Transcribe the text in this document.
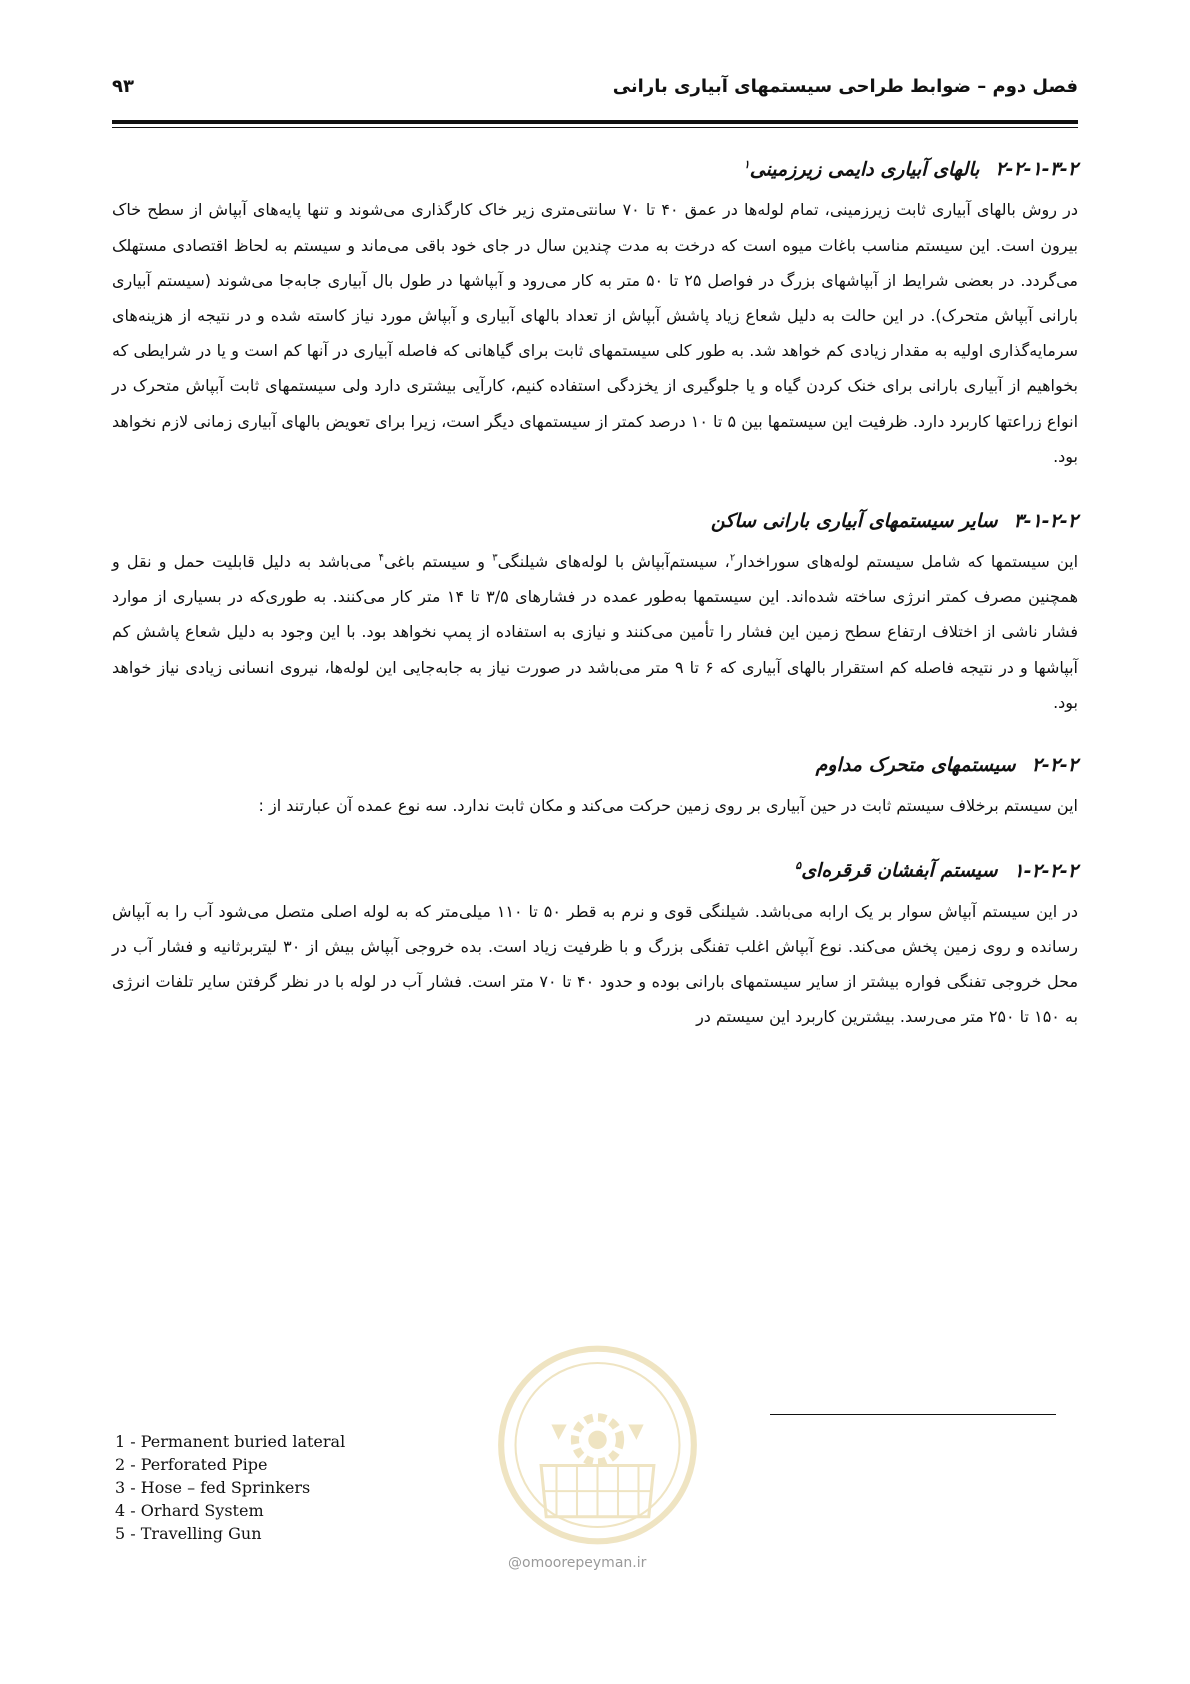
فصل دوم – ضوابط طراحی سیستمهای آبیاری بارانی
۹۳
۲-۲-۱-۳-۲بالهای آبیاری دایمی زیرزمینی$^۱$

در روش بالهای آبیاری ثابت زیرزمینی، تمام لوله‌ها در عمق ۴۰ تا ۷۰ سانتی‌متری زیر خاک کارگذاری می‌شوند و تنها پایه‌های آبپاش از سطح خاک بیرون است. این سیستم مناسب باغات میوه است که درخت به مدت چندین سال در جای خود باقی می‌ماند و سیستم به لحاظ اقتصادی مستهلک می‌گردد. در بعضی شرایط از آبپاشهای بزرگ در فواصل ۲۵ تا ۵۰ متر به کار می‌رود و آبپاشها در طول بال آبیاری جابه‌جا می‌شوند (سیستم آبیاری بارانی آبپاش متحرک). در این حالت به دلیل شعاع زیاد پاشش آبپاش از تعداد بالهای آبیاری و آبپاش مورد نیاز کاسته شده و در نتیجه از هزینه‌های سرمایه‌گذاری اولیه به مقدار زیادی کم خواهد شد. به طور کلی سیستمهای ثابت برای گیاهانی که فاصله آبیاری در آنها کم است و یا در شرایطی که بخواهیم از آبیاری بارانی برای خنک کردن گیاه و یا جلوگیری از یخزدگی استفاده کنیم، کارآیی بیشتری دارد ولی سیستمهای ثابت آبپاش متحرک در انواع زراعتها کاربرد دارد. ظرفیت این سیستمها بین ۵ تا ۱۰ درصد کمتر از سیستمهای دیگر است، زیرا برای تعویض بالهای آبیاری زمانی لازم نخواهد بود.

۳-۱-۲-۲سایر سیستمهای آبیاری بارانی ساکن

این سیستمها که شامل سیستم لوله‌های سوراخدار$^۲$، سیستم‌آبپاش با لوله‌های شیلنگی$^۳$ و سیستم باغی$^۴$ می‌باشد به دلیل قابلیت حمل و نقل و همچنین مصرف کمتر انرژی ساخته شده‌اند. این سیستمها به‌طور عمده در فشارهای ۳/۵ تا ۱۴ متر کار می‌کنند. به طوری‌که در بسیاری از موارد فشار ناشی از اختلاف ارتفاع سطح زمین این فشار را تأمین می‌کنند و نیازی به استفاده از پمپ نخواهد بود. با این وجود به دلیل شعاع پاشش کم آبپاشها و در نتیجه فاصله کم استقرار بالهای آبیاری که ۶ تا ۹ متر می‌باشد در صورت نیاز به جابه‌جایی این لوله‌ها، نیروی انسانی زیادی نیاز خواهد بود.

۲-۲-۲سیستمهای متحرک مداوم

این سیستم برخلاف سیستم ثابت در حین آبیاری بر روی زمین حرکت می‌کند و مکان ثابت ندارد. سه نوع عمده آن عبارتند از :

۱-۲-۲-۲سیستم آبفشان قرقره‌ای$^۵$

در این سیستم آبپاش سوار بر یک ارابه می‌باشد. شیلنگی قوی و نرم به قطر ۵۰ تا ۱۱۰ میلی‌متر که به لوله اصلی متصل می‌شود آب را به آبپاش رسانده و روی زمین پخش می‌کند. نوع آبپاش اغلب تفنگی بزرگ و با ظرفیت زیاد است. بده خروجی آبپاش بیش از ۳۰ لیتربرثانیه و فشار آب در محل خروجی تفنگی فواره بیشتر از سایر سیستمهای بارانی بوده و حدود ۴۰ تا ۷۰ متر است. فشار آب در لوله با در نظر گرفتن سایر تلفات انرژی به ۱۵۰ تا ۲۵۰ متر می‌رسد. بیشترین کاربرد این سیستم در

1 - Permanent buried lateral
2 - Perforated Pipe
3 - Hose – fed Sprinkers
4 - Orhard System
5 - Travelling Gun
@omoorepeyman.ir
